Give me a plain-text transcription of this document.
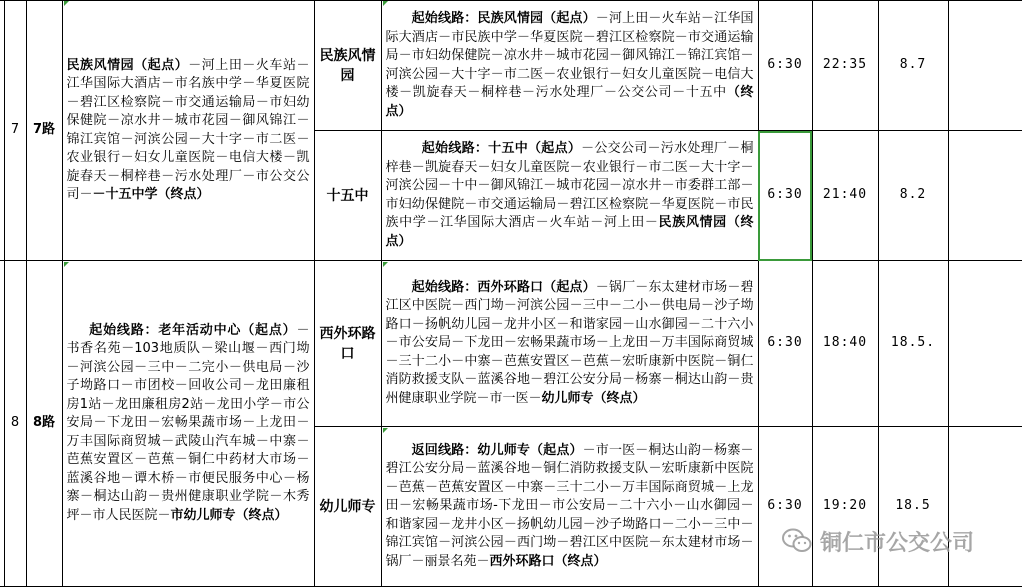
	7	7路	民族风情园（起点）－河上田－火车站－江华国际大酒店－市名族中学－华夏医院－碧江区检察院－市交通运输局－市妇幼保健院－凉水井－城市花园－御风锦江－锦江宾馆－河滨公园－大十字－市二医－农业银行－妇女儿童医院－电信大楼－凯旋春天－桐梓巷－污水处理厂－市公交公司－－十五中学（终点）	民族风情园	起始线路：民族风情园（起点）－河上田－火车站－江华国际大酒店－市民族中学－华夏医院－碧江区检察院－市交通运输局－市妇幼保健院－凉水井－城市花园－御风锦江－锦江宾馆－河滨公园－大十字－市二医－农业银行－妇女儿童医院－电信大楼－凯旋春天－桐梓巷－污水处理厂－公交公司－十五中（终点）	6:30	22:35	8.7	
				十五中	起始线路：十五中（起点）－公交公司－污水处理厂－桐梓巷－凯旋春天－妇女儿童医院－农业银行－市二医－大十字－河滨公园－十中－御风锦江－城市花园－凉水井－市委群工部－市妇幼保健院－市交通运输局－碧江区检察院－华夏医院－市民族中学－江华国际大酒店－火车站－河上田－民族风情园（终点）	6:30	21:40	8.2	
	8	8路	起始线路：老年活动中心（起点）－书香名苑－103地质队－梁山堰－西门坳－河滨公园－三中－二完小－供电局－沙子坳路口－市团校－回收公司－龙田廉租房1站－龙田廉租房2站－龙田小学－市公安局－下龙田－宏畅果蔬市场－上龙田－万丰国际商贸城－武陵山汽车城－中寨－芭蕉安置区－芭蕉－铜仁中药材大市场－蓝溪谷地－谭木桥－市便民服务中心－杨寨－桐达山韵－贵州健康职业学院－木秀坪－市人民医院－市幼儿师专（终点）	西外环路口	起始线路：西外环路口（起点）－锅厂－东太建材市场－碧江区中医院－西门坳－河滨公园－三中－二小－供电局－沙子坳路口－扬帆幼儿园－龙井小区－和谐家园－山水御园－二十六小－市公安局－下龙田－宏畅果蔬市场－上龙田－万丰国际商贸城－三十二小－中寨－芭蕉安置区－芭蕉－宏昕康新中医院－铜仁消防救援支队－蓝溪谷地－碧江公安分局－杨寨－桐达山韵－贵州健康职业学院－市一医－幼儿师专（终点）	6:30	18:40	18.5.	
				幼儿师专	返回线路：幼儿师专（起点）－市一医－桐达山韵－杨寨－碧江公安分局－蓝溪谷地－铜仁消防救援支队－宏昕康新中医院－芭蕉－芭蕉安置区－中寨－三十二小－万丰国际商贸城－上龙田－宏畅果蔬市场-下龙田－市公安局－二十六小－山水御园－和谐家园－龙井小区－扬帆幼儿园－沙子坳路口－二小－三中－锦江宾馆－河滨公园－西门坳－碧江区中医院－东太建材市场－锅厂－丽景名苑－西外环路口（终点）	6:30	19:20	18.5	
铜仁市公交公司
